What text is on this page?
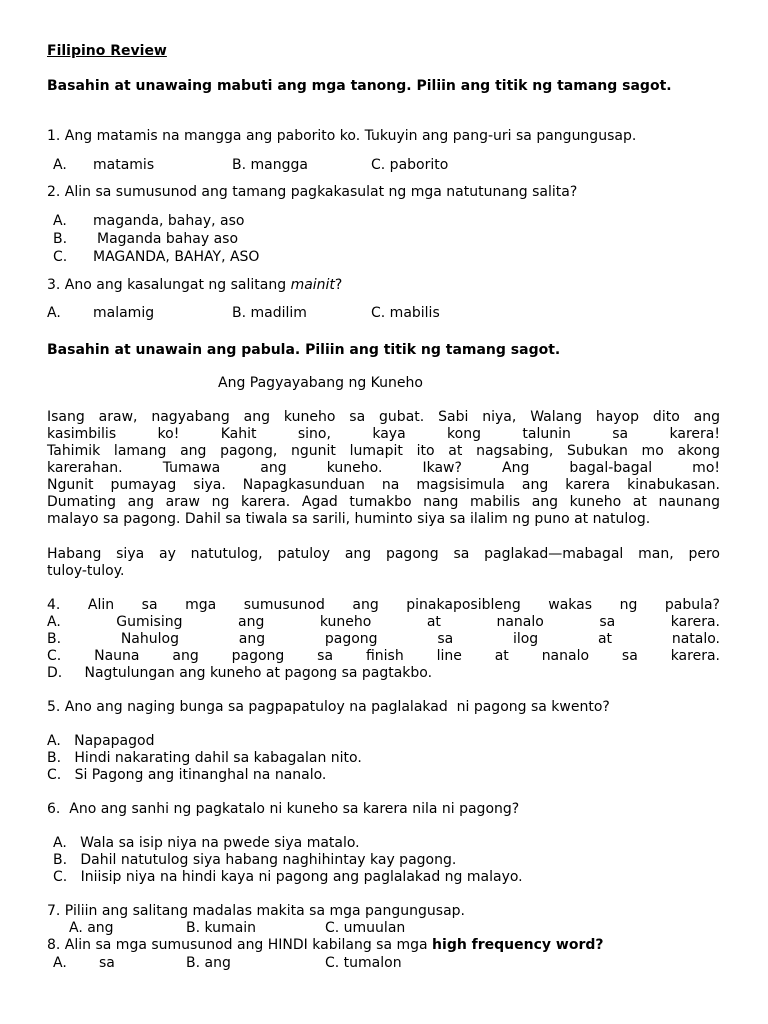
Filipino Review
Basahin at unawaing mabuti ang mga tanong. Piliin ang titik ng tamang sagot.
1. Ang matamis na mangga ang paborito ko. Tukuyin ang pang-uri sa pangungusap.
A. matamis	B. mangga	C. paborito
2. Alin sa sumusunod ang tamang pagkakasulat ng mga natutunang salita?
A. maganda, bahay, aso
B. Maganda bahay aso
C. MAGANDA, BAHAY, ASO
3. Ano ang kasalungat ng salitang mainit?
A. malamig	B. madilim	C. mabilis
Basahin at unawain ang pabula. Piliin ang titik ng tamang sagot.
Ang Pagyayabang ng Kuneho
Isang araw, nagyabang ang kuneho sa gubat. Sabi niya, Walang hayop dito ang
kasimbilis ko! Kahit sino, kaya kong talunin sa karera!
Tahimik lamang ang pagong, ngunit lumapit ito at nagsabing, Subukan mo akong
karerahan. Tumawa ang kuneho. Ikaw? Ang bagal-bagal mo!
Ngunit pumayag siya. Napagkasunduan na magsisimula ang karera kinabukasan.
Dumating ang araw ng karera. Agad tumakbo nang mabilis ang kuneho at naunang
malayo sa pagong. Dahil sa tiwala sa sarili, huminto siya sa ilalim ng puno at natulog.
Habang siya ay natutulog, patuloy ang pagong sa paglakad—mabagal man, pero
tuloy-tuloy.
4. Alin sa mga sumusunod ang pinakaposibleng wakas ng pabula?
A. Gumising ang kuneho at nanalo sa karera.
B. Nahulog ang pagong sa ilog at natalo.
C. Nauna ang pagong sa finish line at nanalo sa karera.
D.     Nagtulungan ang kuneho at pagong sa pagtakbo.
5. Ano ang naging bunga sa pagpapatuloy na paglalakad  ni pagong sa kwento?
A.   Napapagod
B.   Hindi nakarating dahil sa kabagalan nito.
C.   Si Pagong ang itinanghal na nanalo.
6.  Ano ang sanhi ng pagkatalo ni kuneho sa karera nila ni pagong?
A.   Wala sa isip niya na pwede siya matalo.
B.   Dahil natutulog siya habang naghihintay kay pagong.
C.   Iniisip niya na hindi kaya ni pagong ang paglalakad ng malayo.
7. Piliin ang salitang madalas makita sa mga pangungusap.
A. ang	B. kumain	C. umuulan
8. Alin sa mga sumusunod ang HINDI kabilang sa mga high frequency word?
A. sa	B. ang	C. tumalon
